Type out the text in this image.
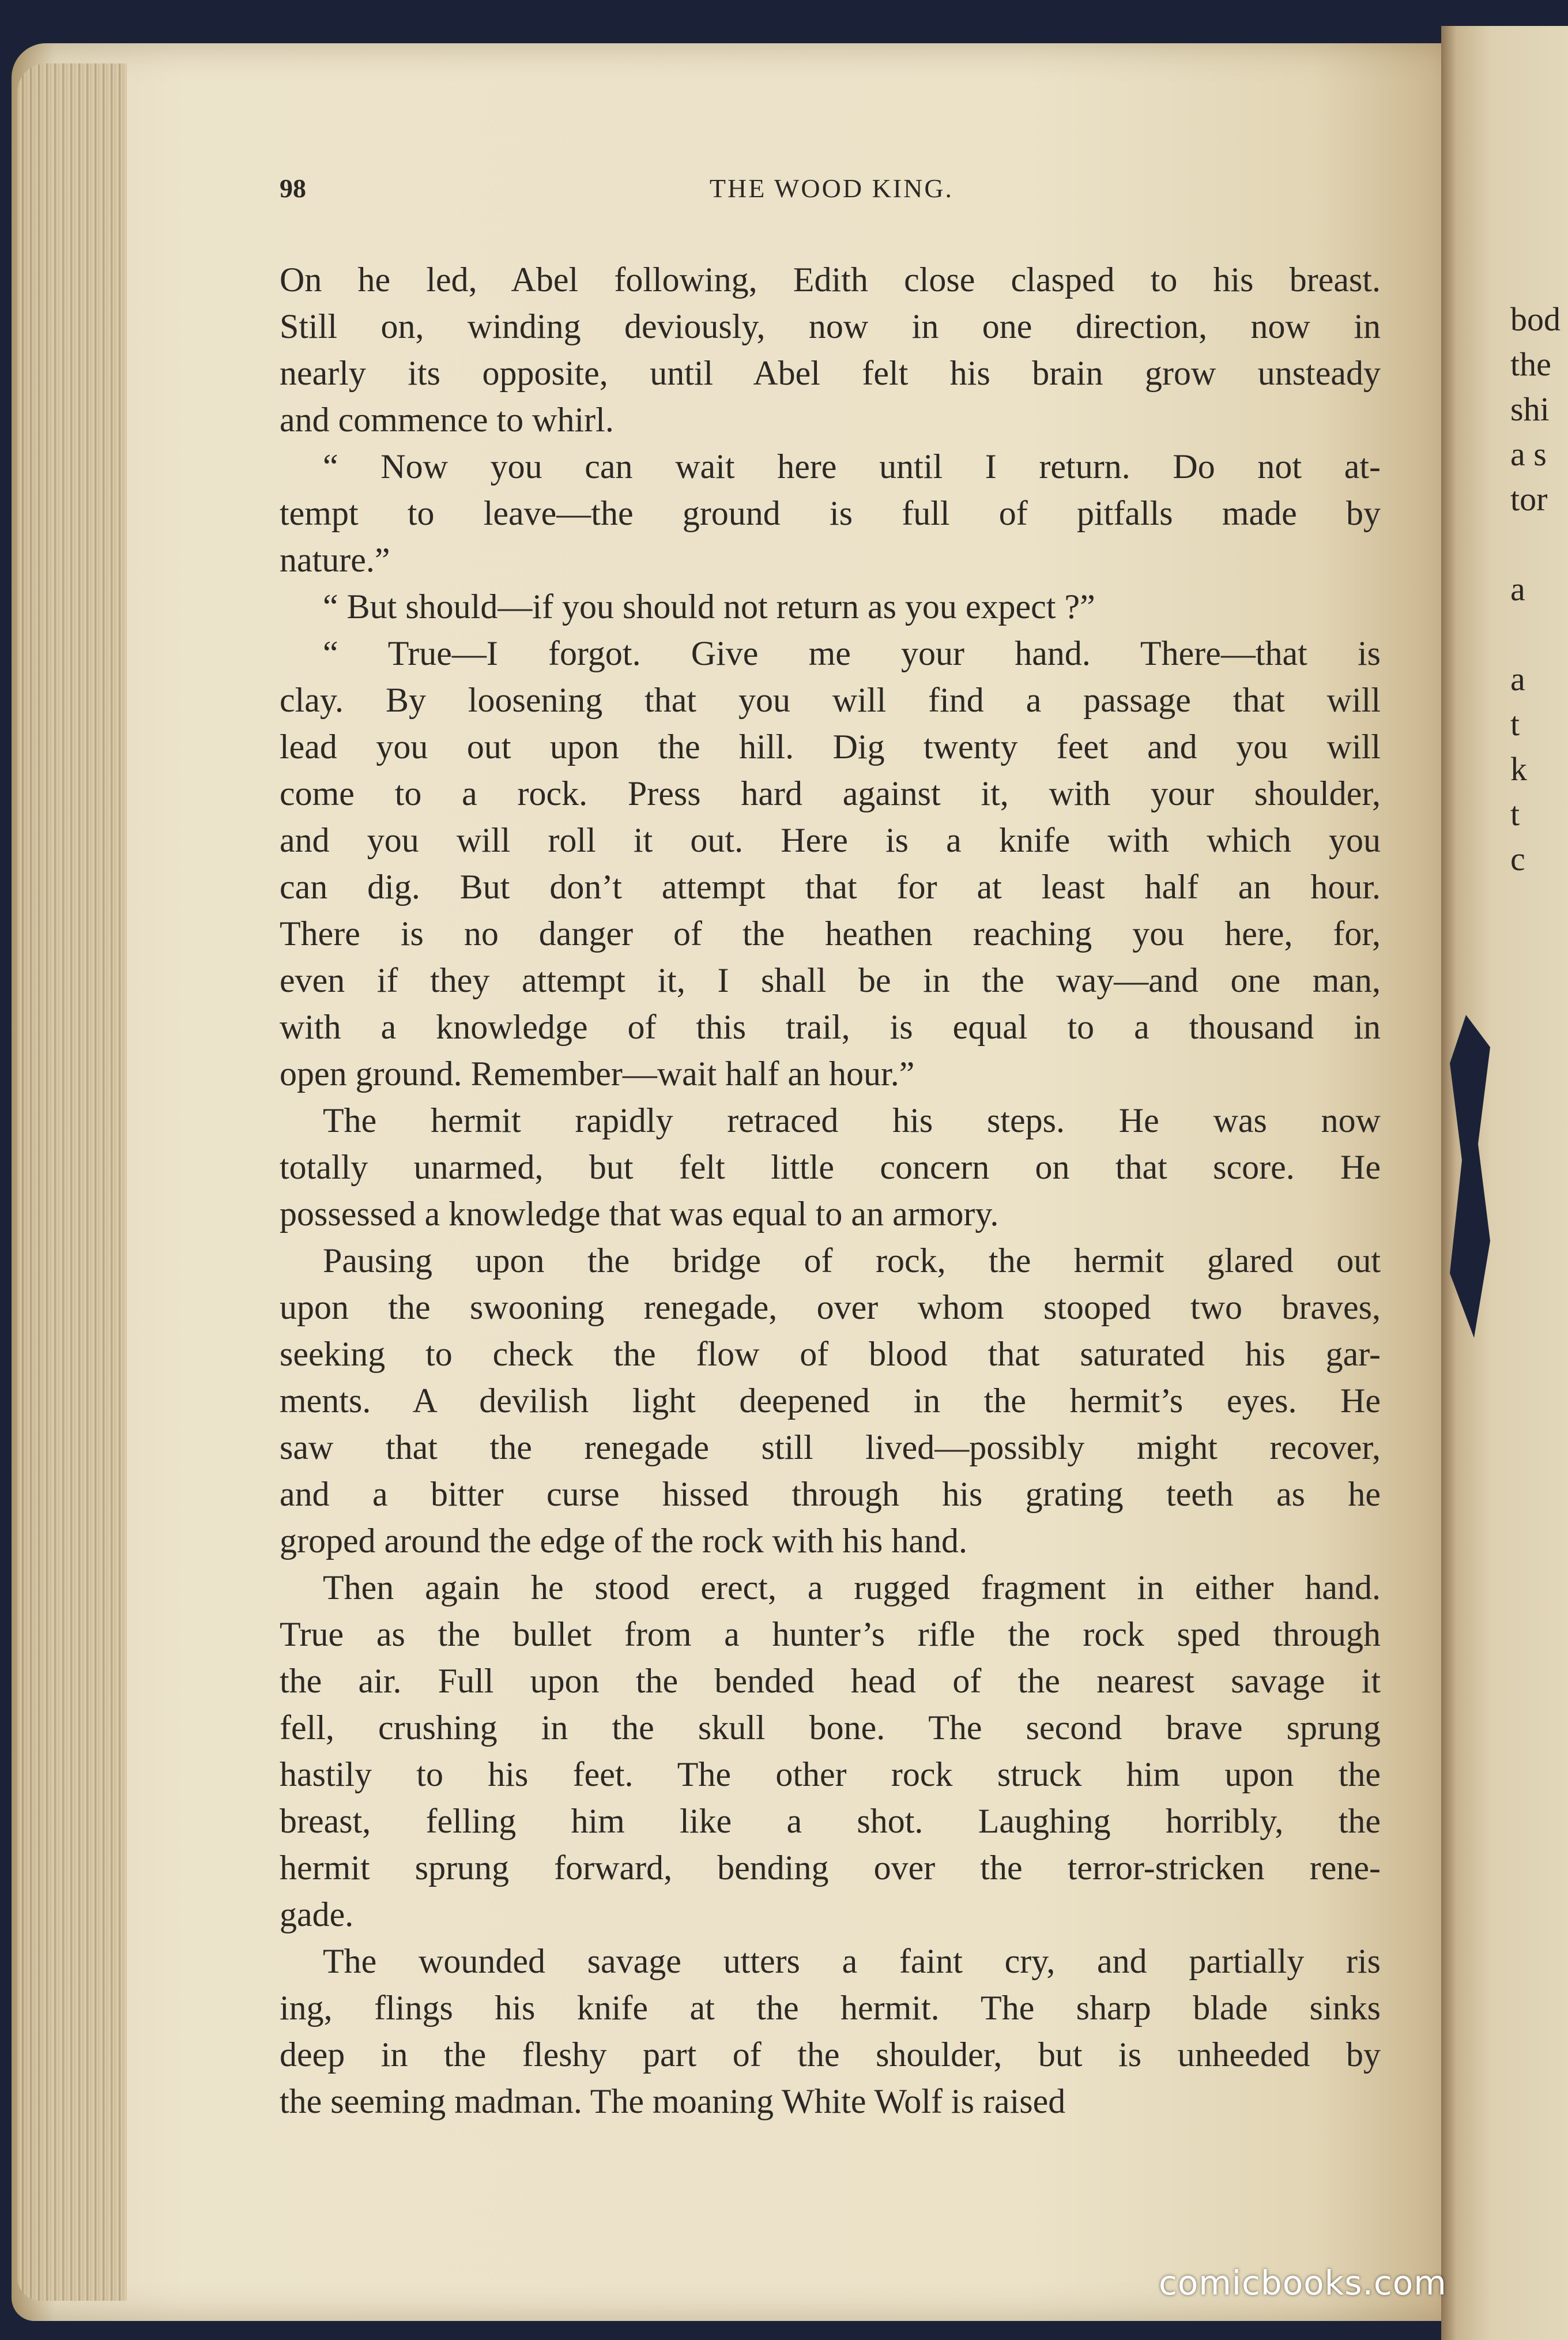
bod
the
shi
a s
tor
a
a
t
k
t
c
98	THE WOOD KING.
On he led, Abel following, Edith close clasped to his breast.
Still on, winding deviously, now in one direction, now in
nearly its opposite, until Abel felt his brain grow unsteady
and commence to whirl.
“ Now you can wait here until I return. Do not at-
tempt to leave—the ground is full of pitfalls made by
nature.”
“ But should—if you should not return as you expect ?”
“ True—I forgot. Give me your hand. There—that is
clay. By loosening that you will find a passage that will
lead you out upon the hill. Dig twenty feet and you will
come to a rock. Press hard against it, with your shoulder,
and you will roll it out. Here is a knife with which you
can dig. But don’t attempt that for at least half an hour.
There is no danger of the heathen reaching you here, for,
even if they attempt it, I shall be in the way—and one man,
with a knowledge of this trail, is equal to a thousand in
open ground. Remember—wait half an hour.”
The hermit rapidly retraced his steps. He was now
totally unarmed, but felt little concern on that score. He
possessed a knowledge that was equal to an armory.
Pausing upon the bridge of rock, the hermit glared out
upon the swooning renegade, over whom stooped two braves,
seeking to check the flow of blood that saturated his gar-
ments. A devilish light deepened in the hermit’s eyes. He
saw that the renegade still lived—possibly might recover,
and a bitter curse hissed through his grating teeth as he
groped around the edge of the rock with his hand.
Then again he stood erect, a rugged fragment in either hand.
True as the bullet from a hunter’s rifle the rock sped through
the air. Full upon the bended head of the nearest savage it
fell, crushing in the skull bone. The second brave sprung
hastily to his feet. The other rock struck him upon the
breast, felling him like a shot. Laughing horribly, the
hermit sprung forward, bending over the terror-stricken rene-
gade.
The wounded savage utters a faint cry, and partially ris
ing, flings his knife at the hermit. The sharp blade sinks
deep in the fleshy part of the shoulder, but is unheeded by
the seeming madman. The moaning White Wolf is raised
comicbooks.com
